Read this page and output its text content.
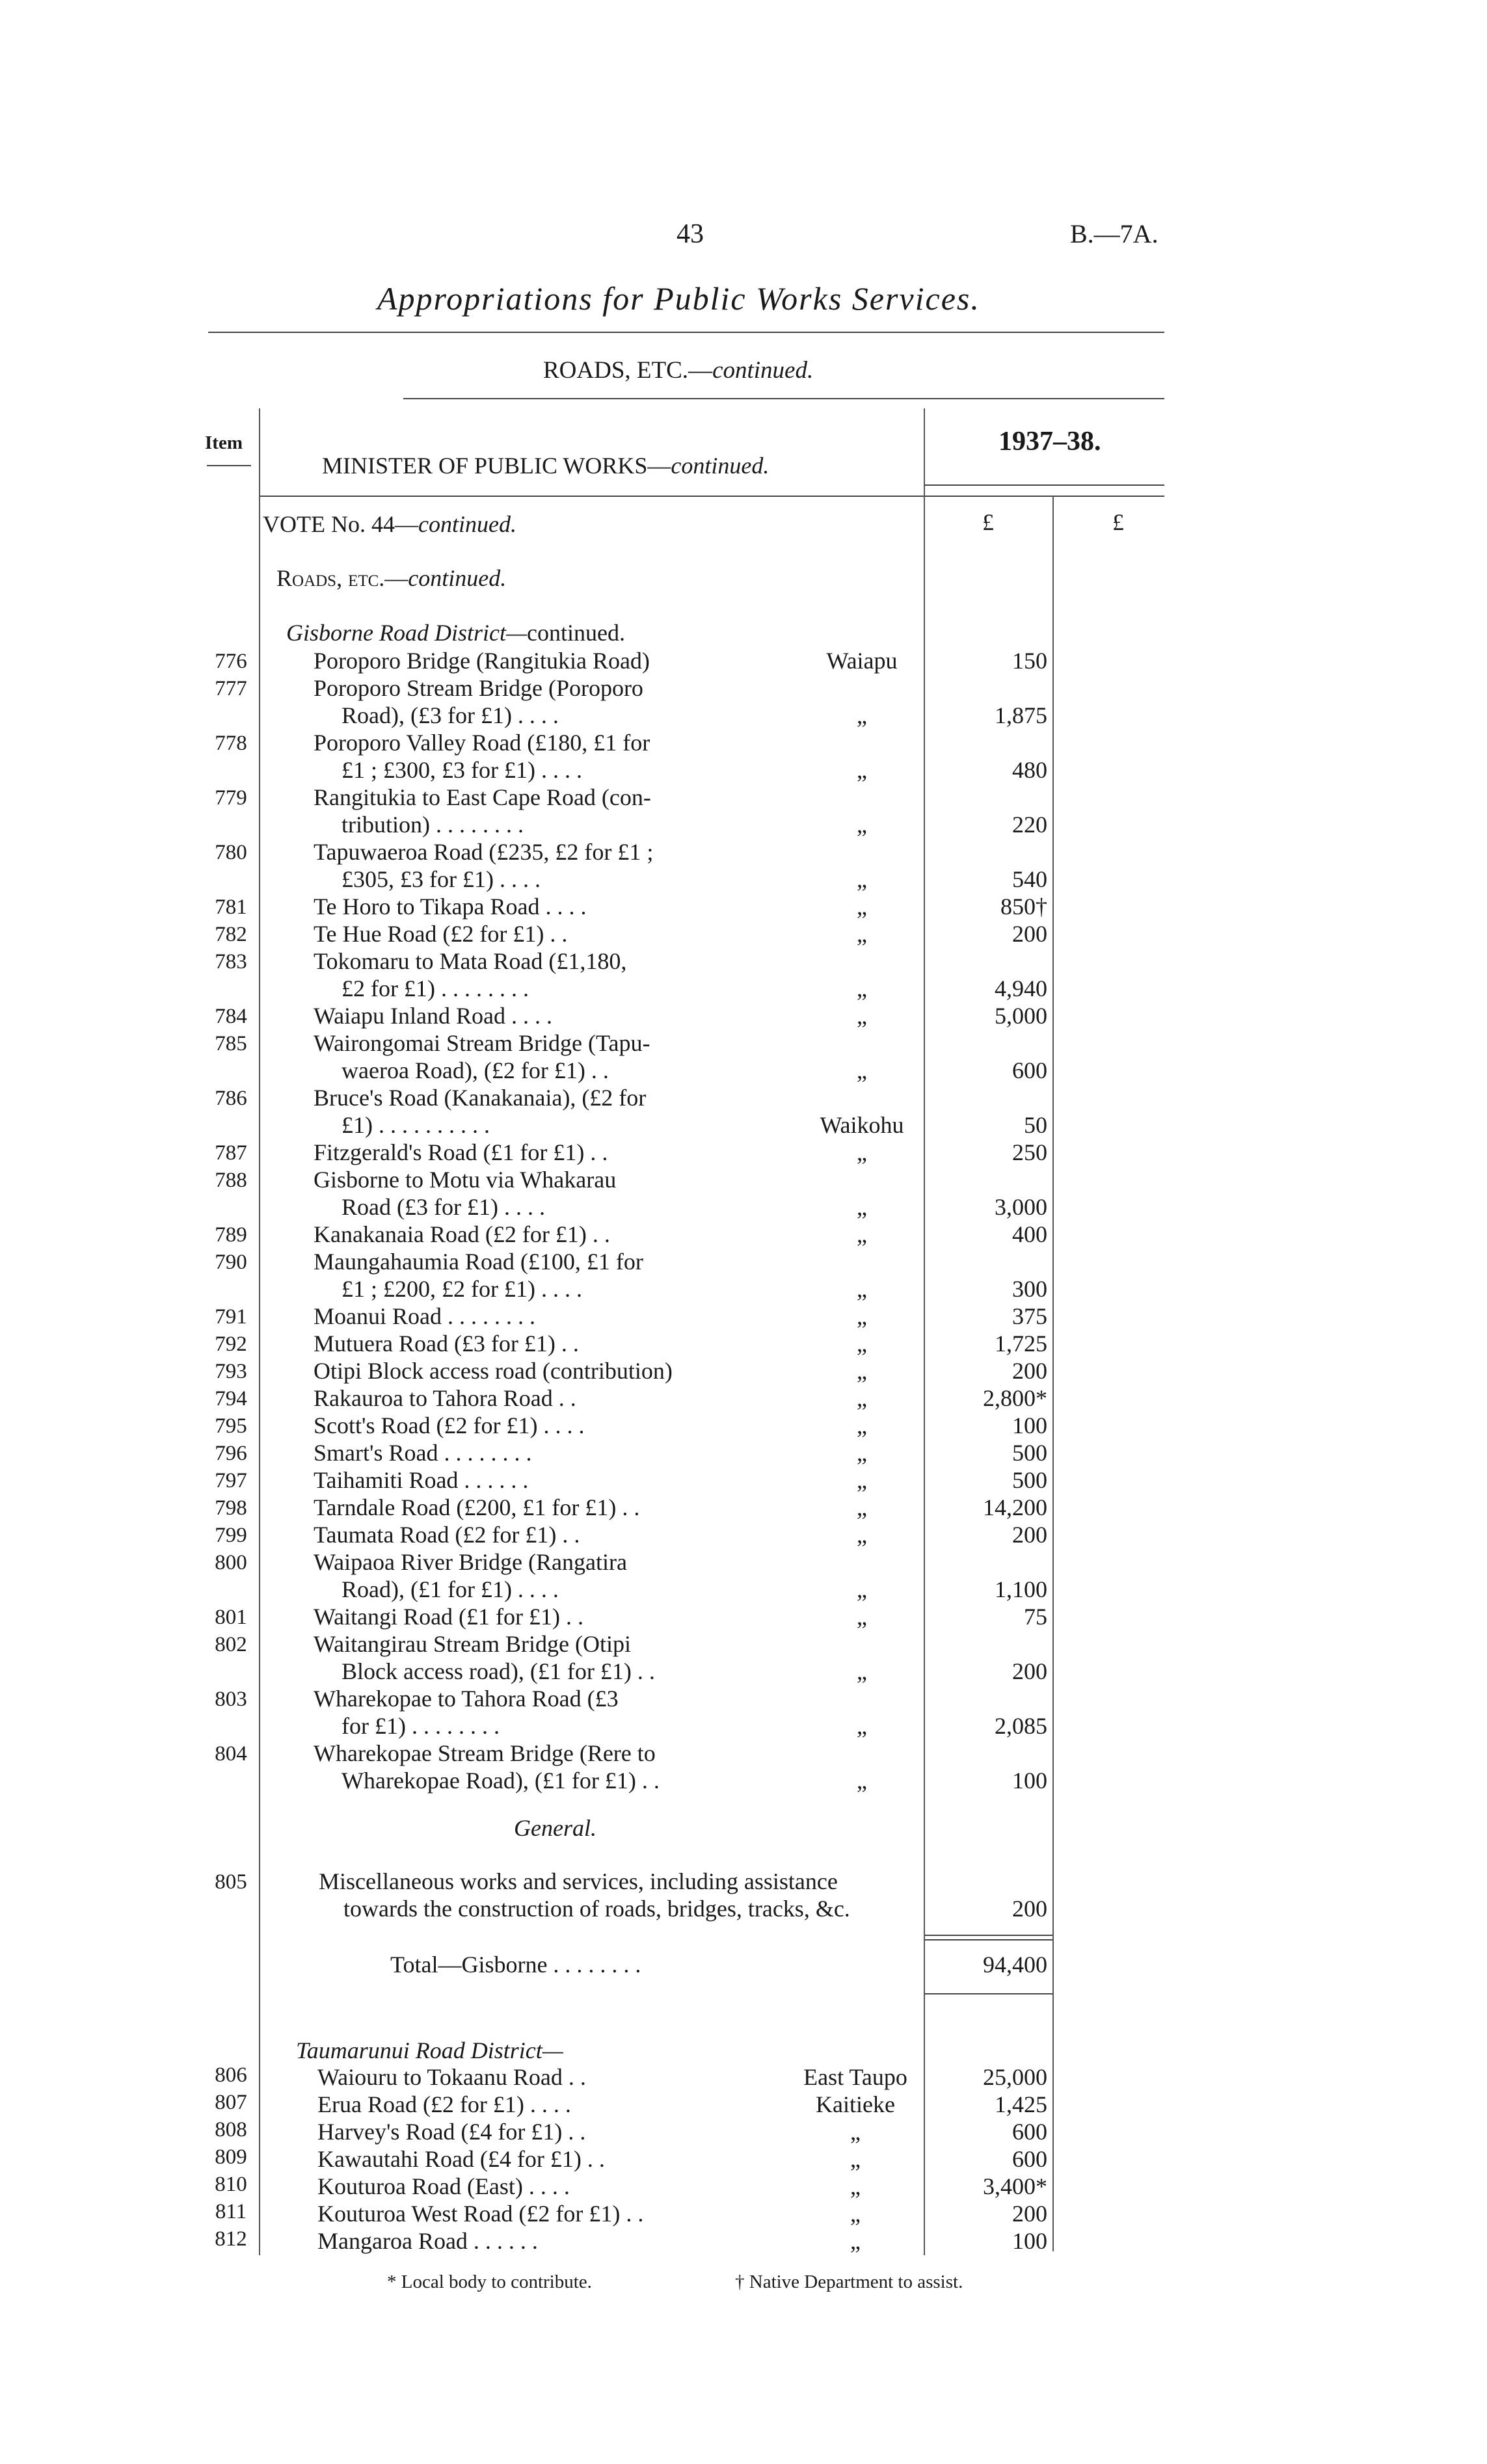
43	B.—7A.
Appropriations for Public Works Services.
ROADS, ETC.—continued.
Item
MINISTER OF PUBLIC WORKS—continued.
1937–38.
£	£
VOTE No. 44—continued.
Roads, etc.—continued.
Gisborne Road District—continued.
776	Poroporo Bridge (Rangitukia Road)	Waiapu	150
777	Poroporo Stream Bridge (Poroporo
Road), (£3 for £1) . . . .	„	1,875
778	Poroporo Valley Road (£180, £1 for
£1 ; £300, £3 for £1) . . . .	„	480
779	Rangitukia to East Cape Road (con-
tribution) . . . . . . . .	„	220
780	Tapuwaeroa Road (£235, £2 for £1 ;
£305, £3 for £1) . . . .	„	540
781	Te Horo to Tikapa Road . . . .	„	850†
782	Te Hue Road (£2 for £1) . .	„	200
783	Tokomaru to Mata Road (£1,180,
£2 for £1) . . . . . . . .	„	4,940
784	Waiapu Inland Road . . . .	„	5,000
785	Wairongomai Stream Bridge (Tapu-
waeroa Road), (£2 for £1) . .	„	600
786	Bruce's Road (Kanakanaia), (£2 for
£1) . . . . . . . . . .	Waikohu	50
787	Fitzgerald's Road (£1 for £1) . .	„	250
788	Gisborne to Motu via Whakarau
Road (£3 for £1) . . . .	„	3,000
789	Kanakanaia Road (£2 for £1) . .	„	400
790	Maungahaumia Road (£100, £1 for
£1 ; £200, £2 for £1) . . . .	„	300
791	Moanui Road . . . . . . . .	„	375
792	Mutuera Road (£3 for £1) . .	„	1,725
793	Otipi Block access road (contribution)	„	200
794	Rakauroa to Tahora Road . .	„	2,800*
795	Scott's Road (£2 for £1) . . . .	„	100
796	Smart's Road . . . . . . . .	„	500
797	Taihamiti Road . . . . . .	„	500
798	Tarndale Road (£200, £1 for £1) . .	„	14,200
799	Taumata Road (£2 for £1) . .	„	200
800	Waipaoa River Bridge (Rangatira
Road), (£1 for £1) . . . .	„	1,100
801	Waitangi Road (£1 for £1) . .	„	75
802	Waitangirau Stream Bridge (Otipi
Block access road), (£1 for £1) . .	„	200
803	Wharekopae to Tahora Road (£3
for £1) . . . . . . . .	„	2,085
804	Wharekopae Stream Bridge (Rere to
Wharekopae Road), (£1 for £1) . .	„	100
General.
805	Miscellaneous works and services, including assistance
towards the construction of roads, bridges, tracks, &c.	200
Total—Gisborne . . . . . . . .	94,400
Taumarunui Road District—
806	Waiouru to Tokaanu Road . .	East Taupo	25,000
807	Erua Road (£2 for £1) . . . .	Kaitieke	1,425
808	Harvey's Road (£4 for £1) . .	„	600
809	Kawautahi Road (£4 for £1) . .	„	600
810	Kouturoa Road (East) . . . .	„	3,400*
811	Kouturoa West Road (£2 for £1) . .	„	200
812	Mangaroa Road . . . . . .	„	100
* Local body to contribute.	† Native Department to assist.
